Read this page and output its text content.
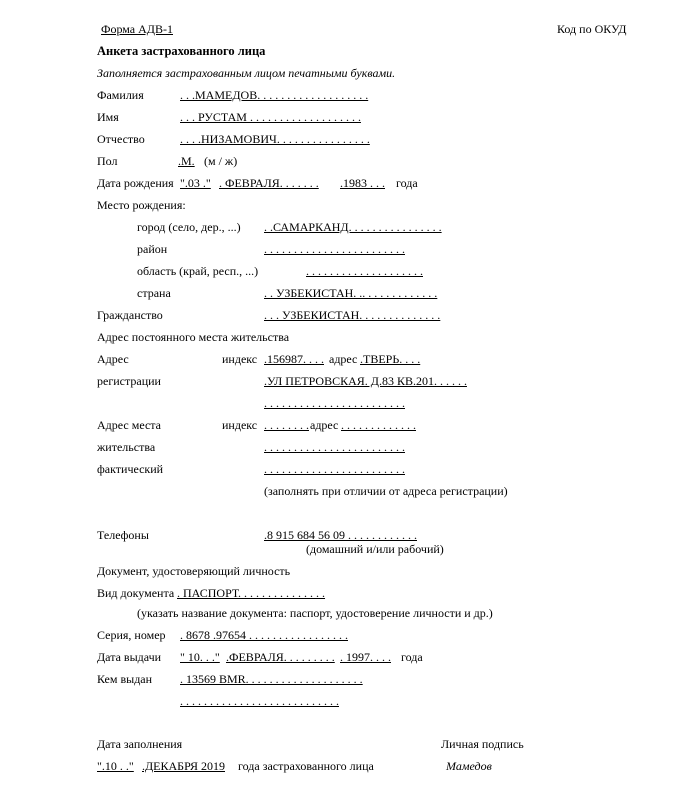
Форма АДВ-1	Код по ОКУД
Анкета застрахованного лица
Заполняется застрахованным лицом печатными буквами.
Фамилия	. . .МАМЕДОВ. . . . . . . . . . . . . . . . . . .
Имя	. . . РУСТАМ . . . . . . . . . . . . . . . . . . .
Отчество	. . . .НИЗАМОВИЧ. . . . . . . . . . . . . . . .
Пол	.М. (м / ж)
Дата рождения ".03 ." . ФЕВРАЛЯ. . . . . . . .1983 . . . года
Место рождения:
город (село, дер., ...) . .САМАРКАНД. . . . . . . . . . . . . . . .
район	. . . . . . . . . . . . . . . . . . . . . . . .
область (край, респ., ...)	. . . . . . . . . . . . . . . . . . . .
страна	. . УЗБЕКИСТАН. .. . . . . . . . . . . . .
Гражданство	. . . УЗБЕКИСТАН. . . . . . . . . . . . . .
Адрес постоянного места жительства
Адрес	индекс .156987. . . . адрес .ТВЕРЬ. . . .
регистрации	.УЛ ПЕТРОВСКАЯ. Д.83 КВ.201. . . . . .
. . . . . . . . . . . . . . . . . . . . . . . .
Адрес места	индекс . . . . . . . . адрес . . . . . . . . . . . . .
жительства	. . . . . . . . . . . . . . . . . . . . . . . .
фактический	. . . . . . . . . . . . . . . . . . . . . . . .
(заполнять при отличии от адреса регистрации)
Телефоны	.8 915 684 56 09 . . . . . . . . . . . .
(домашний и/или рабочий)
Документ, удостоверяющий личность
Вид документа . ПАСПОРТ. . . . . . . . . . . . . . .
(указать название документа: паспорт, удостоверение личности и др.)
Серия, номер . 8678 .97654 . . . . . . . . . . . . . . . . .
Дата выдачи " 10. . ." .ФЕВРАЛЯ. . . . . . . . . . 1997. . . . года
Кем выдан . 13569 BMR. . . . . . . . . . . . . . . . . . . .
. . . . . . . . . . . . . . . . . . . . . . . . . . .
Дата заполнения	Личная подпись
".10 . ." .ДЕКАБРЯ 2019 года застрахованного лица	Мамедов
